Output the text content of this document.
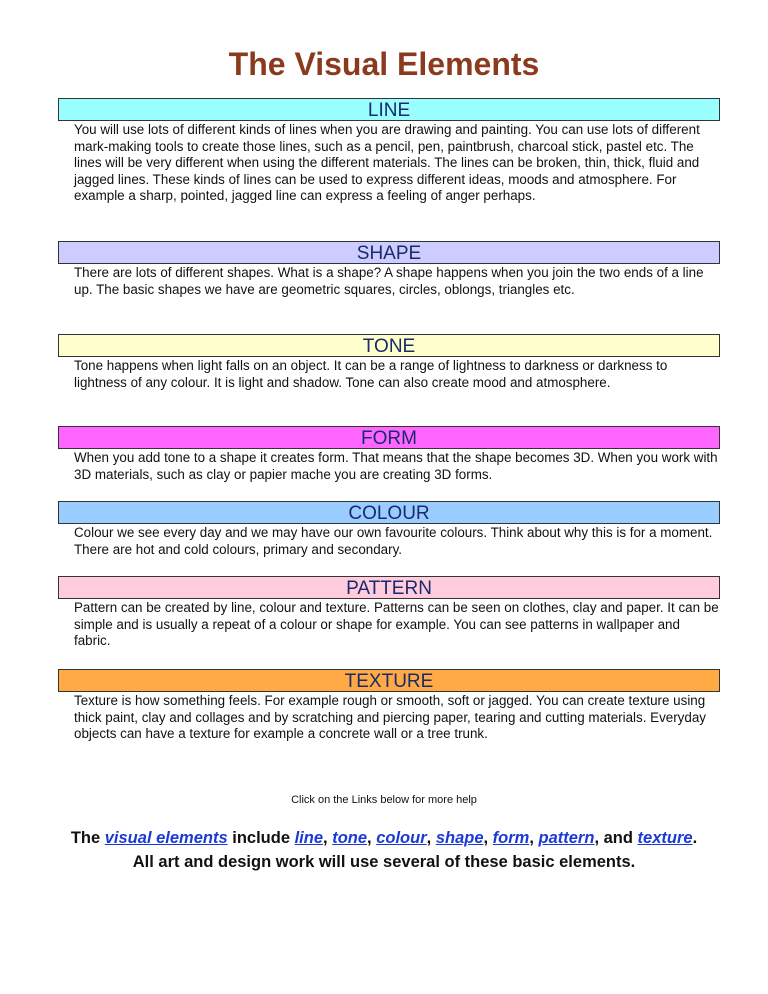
The Visual Elements
LINE
You will use lots of different kinds of lines when you are drawing and painting. You can use lots of different mark-making tools to create those lines, such as a pencil, pen, paintbrush, charcoal stick, pastel etc. The lines will be very different when using the different materials. The lines can be broken, thin, thick, fluid and jagged lines. These kinds of lines can be used to express different ideas, moods and atmosphere. For example a sharp, pointed, jagged line can express a feeling of anger perhaps.
SHAPE
There are lots of different shapes. What is a shape? A shape happens when you join the two ends of a line up. The basic shapes we have are geometric squares, circles, oblongs, triangles etc.
TONE
Tone happens when light falls on an object. It can be a range of lightness to darkness or darkness to lightness of any colour. It is light and shadow. Tone can also create mood and atmosphere.
FORM
When you add tone to a shape it creates form. That means that the shape becomes 3D. When you work with 3D materials, such as clay or papier mache you are creating 3D forms.
COLOUR
Colour we see every day and we may have our own favourite colours. Think about why this is for a moment. There are hot and cold colours, primary and secondary.
PATTERN
Pattern can be created by line, colour and texture. Patterns can be seen on clothes, clay and paper. It can be simple and is usually a repeat of a colour or shape for example. You can see patterns in wallpaper and fabric.
TEXTURE
Texture is how something feels. For example rough or smooth, soft or jagged. You can create texture using thick paint, clay and collages and by scratching and piercing paper, tearing and cutting materials. Everyday objects can have a texture for example a concrete wall or a tree trunk.
Click on the Links below for more help
The visual elements include line, tone, colour, shape, form, pattern, and texture. All art and design work will use several of these basic elements.
